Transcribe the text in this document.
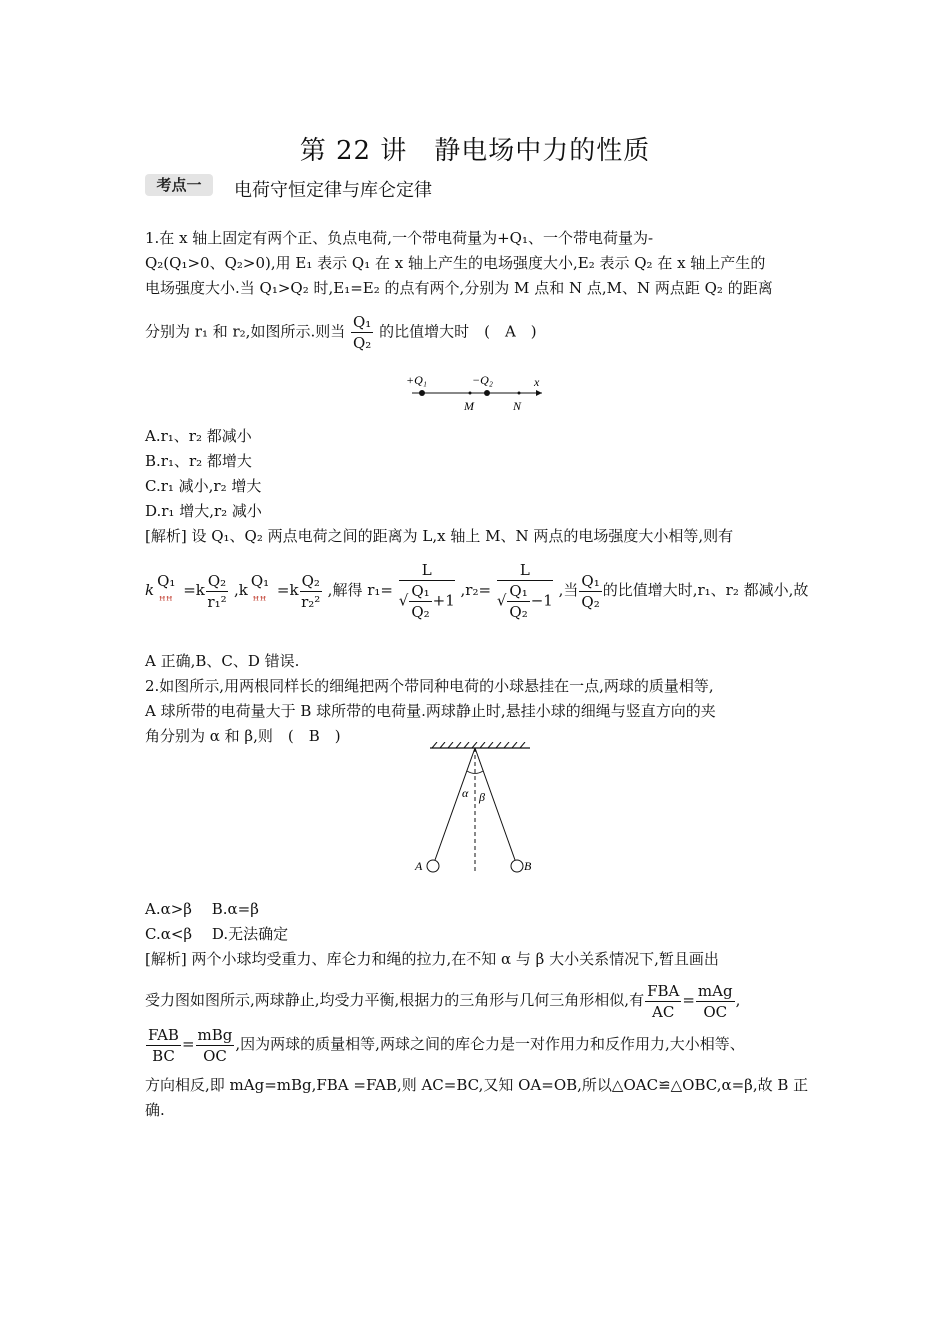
第 22 讲　静电场中力的性质
考点一	电荷守恒定律与库仑定律
1.在 x 轴上固定有两个正、负点电荷,一个带电荷量为+Q₁、一个带电荷量为-
Q₂(Q₁>0、Q₂>0),用 E₁ 表示 Q₁ 在 x 轴上产生的电场强度大小,E₂ 表示 Q₂ 在 x 轴上产生的
电场强度大小.当 Q₁>Q₂ 时,E₁=E₂ 的点有两个,分别为 M 点和 N 点,M、N 两点距 Q₂ 的距离
分别为 r₁ 和 r₂,如图所示.则当 $\frac{\text{Q₁}}{\text{Q₂}}$ 的比值增大时　(　A　)
+Q₁	−Q₂
M	N
x
A.r₁、r₂ 都减小
B.r₁、r₂ 都增大
C.r₁ 减小,r₂ 增大
D.r₁ 增大,r₂ 减小
[解析] 设 Q₁、Q₂ 两点电荷之间的距离为 L,x 轴上 M、N 两点的电场强度大小相等,则有
k Q₁
ꟸꟸ
$=k \frac{\text{Q₂}}{\text{r₁²}} ,k$ Q₁
ꟸꟸ
$=k \frac{\text{Q₂}}{\text{r₂²}}$ ,解得 $r_1= \frac{L}{√ \frac{\text{Q₁}}{\text{Q₂}} +1} ,r_2= \frac{L}{√ \frac{\text{Q₁}}{\text{Q₂}} -1}$ ,当 $\frac{\text{Q₁}}{\text{Q₂}}$ 的比值增大时,r₁、r₂ 都减小,故
A 正确,B、C、D 错误.
2.如图所示,用两根同样长的细绳把两个带同种电荷的小球悬挂在一点,两球的质量相等,
A 球所带的电荷量大于 B 球所带的电荷量.两球静止时,悬挂小球的细绳与竖直方向的夹
角分别为 α 和 β,则　(　B　)
α β
A	B
A.α>β　 B.α=β
C.α<β　 D.无法确定
[解析] 两个小球均受重力、库仑力和绳的拉力,在不知 α 与 β 大小关系情况下,暂且画出
受力图如图所示,两球静止,均受力平衡,根据力的三角形与几何三角形相似,有 $\frac{\text{FBA}}{AC} = \frac{\text{mAg}}{OC}$ ,
$\frac{\text{FAB}}{BC} = \frac{\text{mBg}}{OC}$ ,因为两球的质量相等,两球之间的库仑力是一对作用力和反作用力,大小相等、
方向相反,即 mAg=mBg,FBA =FAB,则 AC=BC,又知 OA=OB,所以△OAC≌△OBC,α=β,故 B 正
确.
